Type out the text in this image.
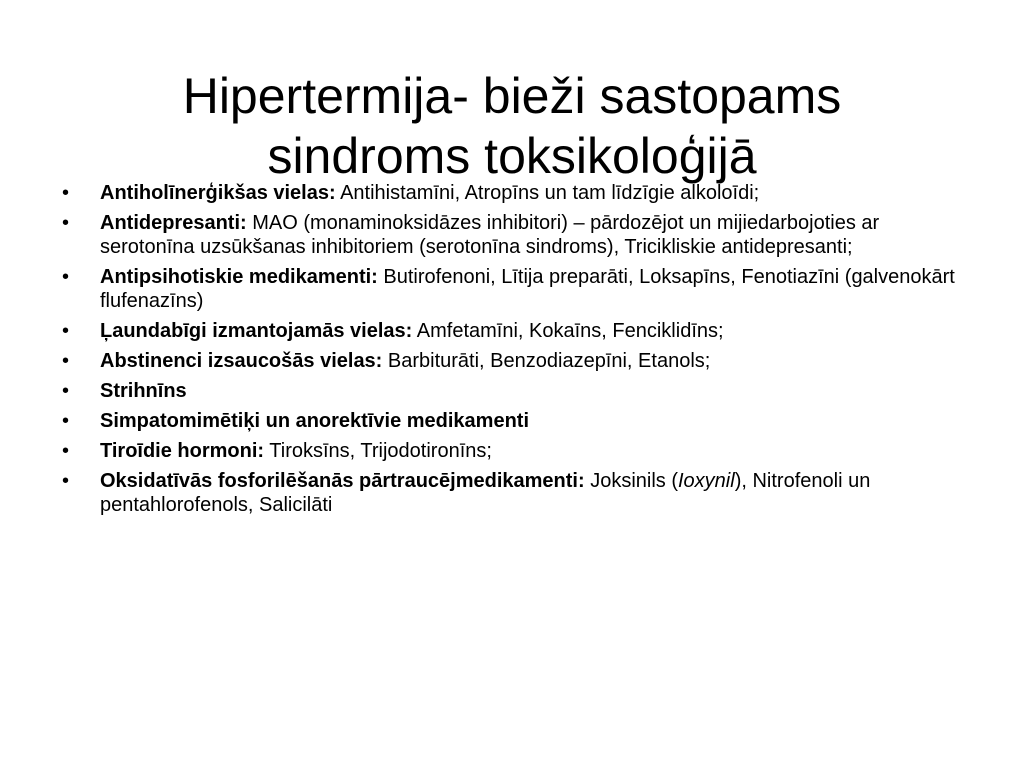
Hipertermija- bieži sastopams
sindroms toksikoloģijā
•	Antiholīnerģikšas vielas: Antihistamīni, Atropīns un tam līdzīgie alkoloīdi;
•	Antidepresanti: MAO (monaminoksidāzes inhibitori) – pārdozējot un mijiedarbojoties ar serotonīna uzsūkšanas inhibitoriem (serotonīna sindroms), Tricikliskie antidepresanti;
•	Antipsihotiskie medikamenti: Butirofenoni, Lītija preparāti, Loksapīns, Fenotiazīni (galvenokārt flufenazīns)
•	Ļaundabīgi izmantojamās vielas: Amfetamīni, Kokaīns, Fenciklidīns;
•	Abstinenci izsaucošās vielas: Barbiturāti, Benzodiazepīni, Etanols;
•	Strihnīns
•	Simpatomimētiķi un anorektīvie medikamenti
•	Tiroīdie hormoni: Tiroksīns, Trijodotironīns;
•	Oksidatīvās fosforilēšanās pārtraucējmedikamenti: Joksinils (Ioxynil), Nitrofenoli un pentahlorofenols, Salicilāti
